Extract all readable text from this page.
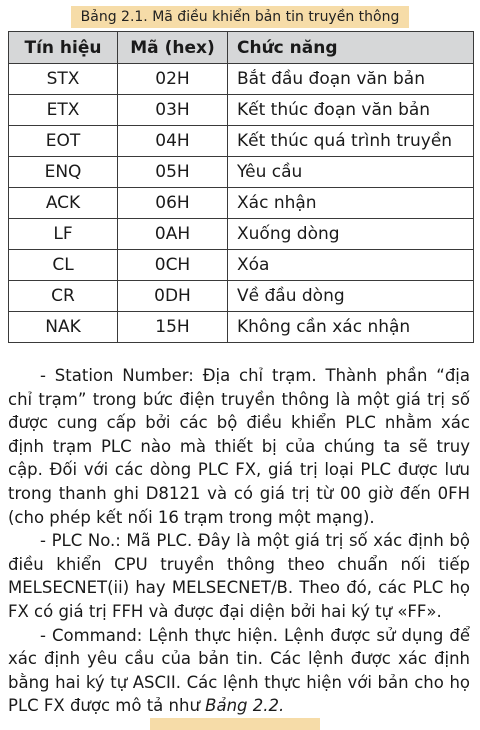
Bảng 2.1. Mã điều khiển bản tin truyền thông
Tín hiệu	Mã (hex)	Chức năng
STX	02H	Bắt đầu đoạn văn bản
ETX	03H	Kết thúc đoạn văn bản
EOT	04H	Kết thúc quá trình truyền
ENQ	05H	Yêu cầu
ACK	06H	Xác nhận
LF	0AH	Xuống dòng
CL	0CH	Xóa
CR	0DH	Về đầu dòng
NAK	15H	Không cần xác nhận

- Station Number: Địa chỉ trạm. Thành phần “địa chỉ trạm” trong bức điện truyền thông là một giá trị số được cung cấp bởi các bộ điều khiển PLC nhằm xác định trạm PLC nào mà thiết bị của chúng ta sẽ truy cập. Đối với các dòng PLC FX, giá trị loại PLC được lưu trong thanh ghi D8121 và có giá trị từ 00 giờ đến 0FH (cho phép kết nối 16 trạm trong một mạng).

- PLC No.: Mã PLC. Đây là một giá trị số xác định bộ điều khiển CPU truyền thông theo chuẩn nối tiếp MELSECNET(ii) hay MELSECNET/B. Theo đó, các PLC họ FX có giá trị FFH và được đại diện bởi hai ký tự «FF».

- Command: Lệnh thực hiện. Lệnh được sử dụng để xác định yêu cầu của bản tin. Các lệnh được xác định bằng hai ký tự ASCII. Các lệnh thực hiện với bản cho họ PLC FX được mô tả như Bảng 2.2.
